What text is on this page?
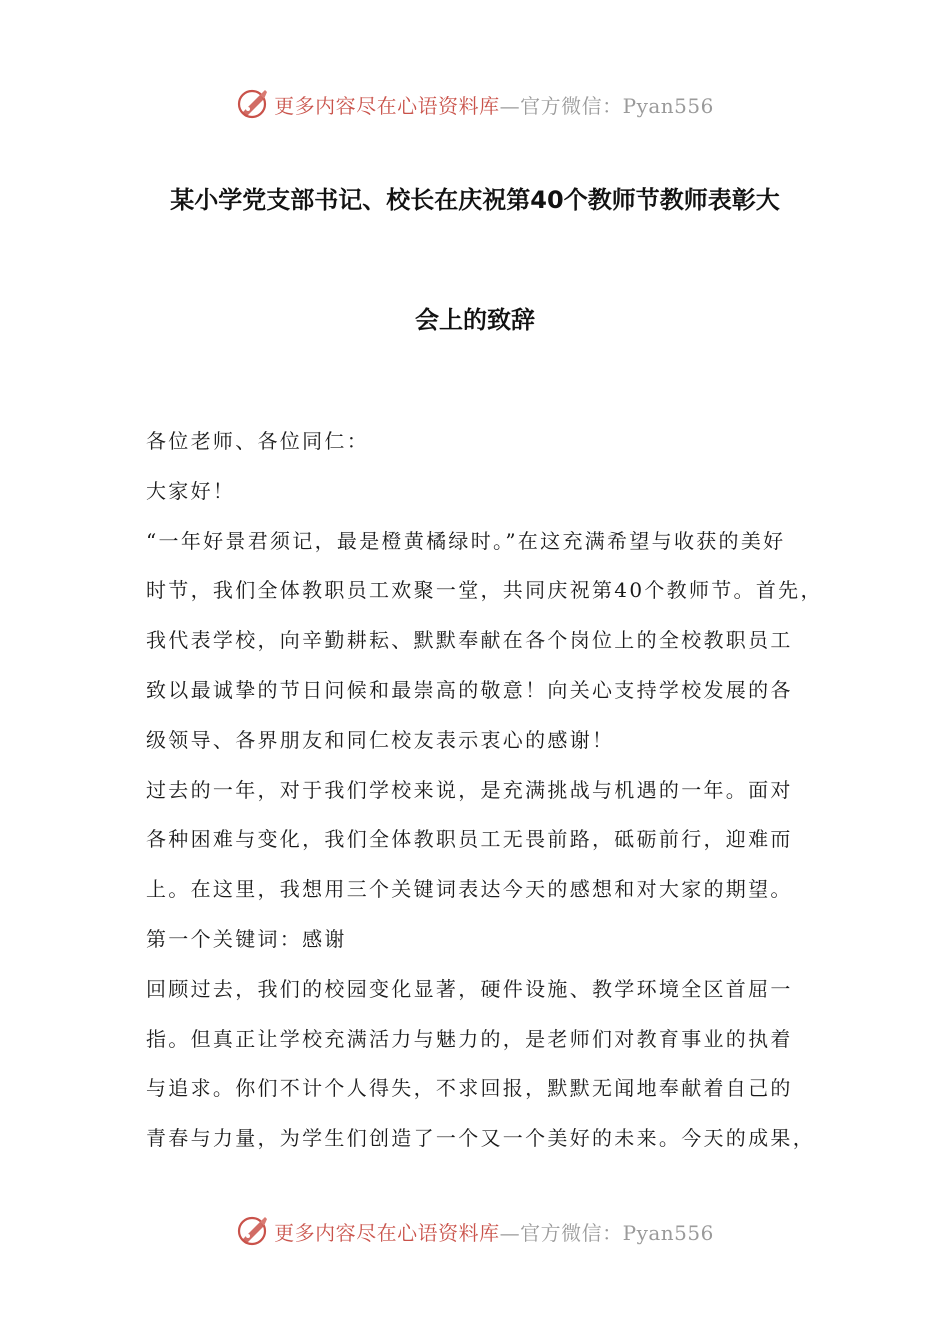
更多内容尽在心语资料库—官方微信：Pyan556
某小学党支部书记、校长在庆祝第40个教师节教师表彰大
会上的致辞

各位老师、各位同仁：

大家好！

“一年好景君须记，最是橙黄橘绿时。”在这充满希望与收获的美好

时节，我们全体教职员工欢聚一堂，共同庆祝第40个教师节。首先，

我代表学校，向辛勤耕耘、默默奉献在各个岗位上的全校教职员工

致以最诚挚的节日问候和最崇高的敬意！向关心支持学校发展的各

级领导、各界朋友和同仁校友表示衷心的感谢！

过去的一年，对于我们学校来说，是充满挑战与机遇的一年。面对

各种困难与变化，我们全体教职员工无畏前路，砥砺前行，迎难而

上。在这里，我想用三个关键词表达今天的感想和对大家的期望。

第一个关键词：感谢

回顾过去，我们的校园变化显著，硬件设施、教学环境全区首屈一

指。但真正让学校充满活力与魅力的，是老师们对教育事业的执着

与追求。你们不计个人得失，不求回报，默默无闻地奉献着自己的

青春与力量，为学生们创造了一个又一个美好的未来。今天的成果，

更多内容尽在心语资料库—官方微信：Pyan556
